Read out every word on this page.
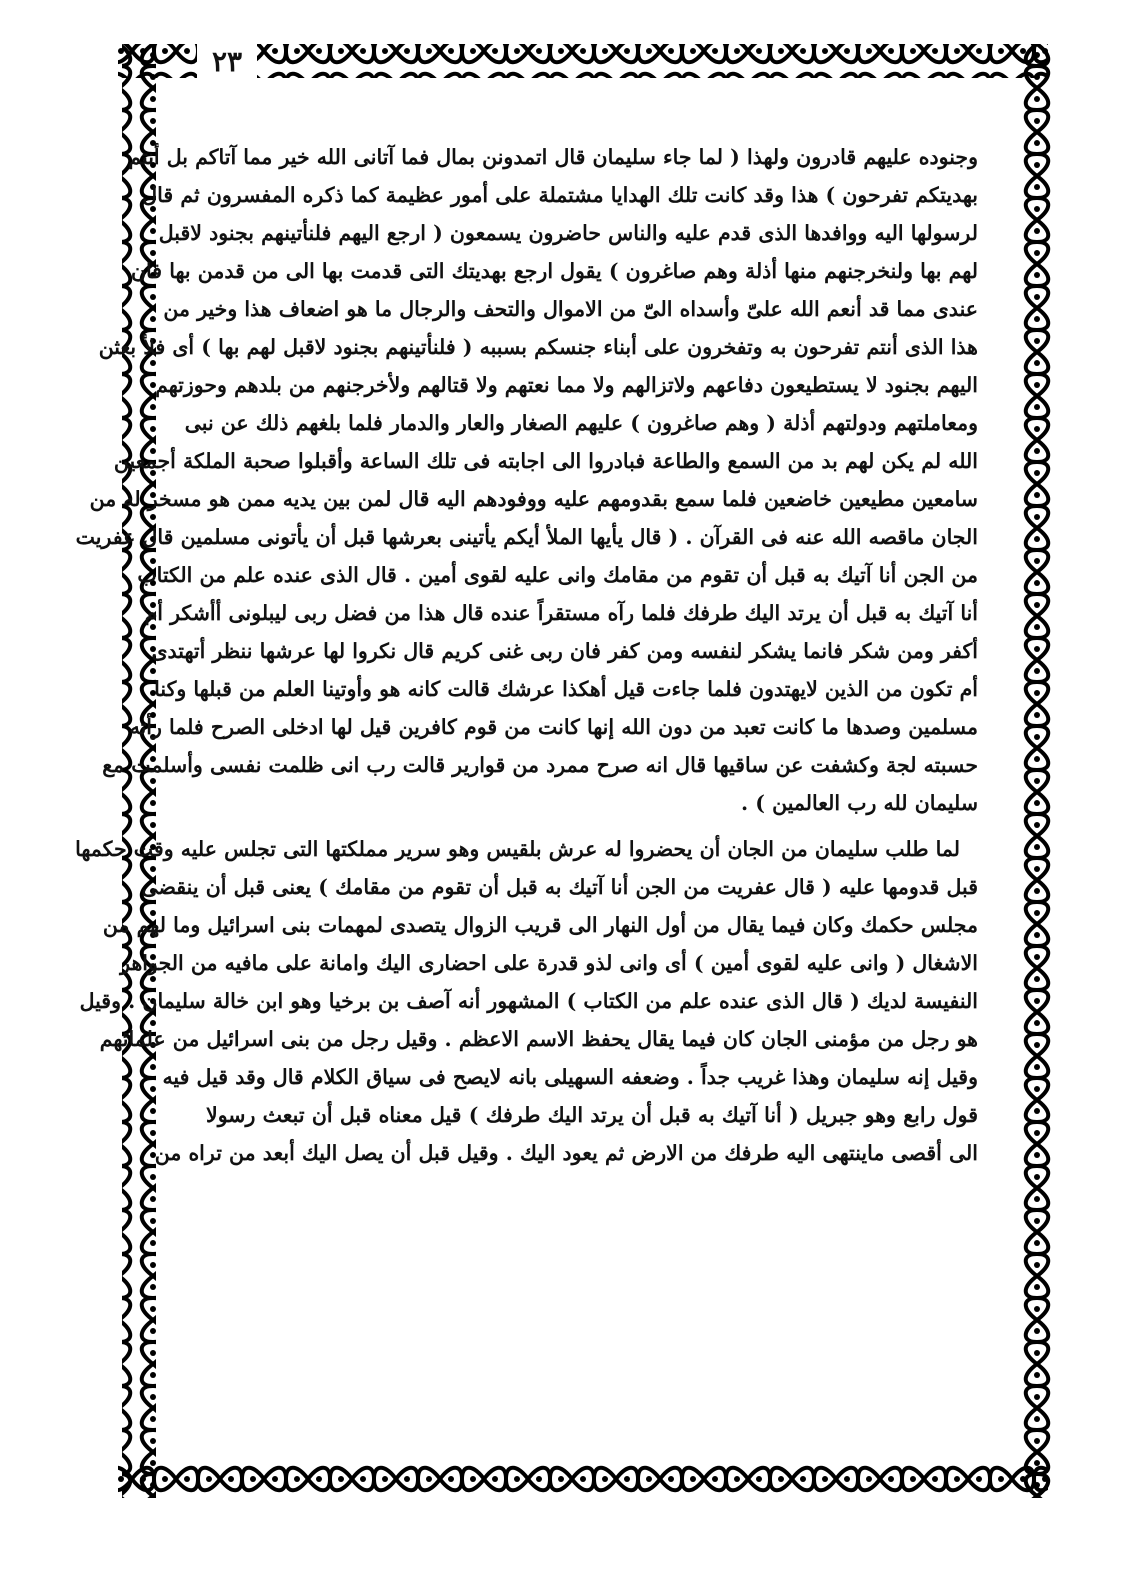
٢٣
وجنوده عليهم قادرون ولهذا ( لما جاء سليمان قال اتمدونن بمال فما آتانى الله خير مما آتاكم بل أنتم
بهديتكم تفرحون ) هذا وقد كانت تلك الهدايا مشتملة على أمور عظيمة كما ذكره المفسرون ثم قال
لرسولها اليه ووافدها الذى قدم عليه والناس حاضرون يسمعون ( ارجع اليهم فلنأتينهم بجنود لاقبل
لهم بها ولنخرجنهم منها أذلة وهم صاغرون ) يقول ارجع بهديتك التى قدمت بها الى من قدمن بها فان
عندى مما قد أنعم الله علىّ وأسداه الىّ من الاموال والتحف والرجال ما هو اضعاف هذا وخير من
هذا الذى أنتم تفرحون به وتفخرون على أبناء جنسكم بسببه ( فلنأتينهم بجنود لاقبل لهم بها ) أى فلأ بعثن
اليهم بجنود لا يستطيعون دفاعهم ولاتزالهم ولا مما نعتهم ولا قتالهم ولأخرجنهم من بلدهم وحوزتهم
ومعاملتهم ودولتهم أذلة ( وهم صاغرون ) عليهم الصغار والعار والدمار فلما بلغهم ذلك عن نبى
الله لم يكن لهم بد من السمع والطاعة فبادروا الى اجابته فى تلك الساعة وأقبلوا صحبة الملكة أجمعين
سامعين مطيعين خاضعين فلما سمع بقدومهم عليه ووفودهم اليه قال لمن بين يديه ممن هو مسخر له من
الجان ماقصه الله عنه فى القرآن . ( قال يأيها الملأ أيكم يأتينى بعرشها قبل أن يأتونى مسلمين قال عفريت
من الجن أنا آتيك به قبل أن تقوم من مقامك وانى عليه لقوى أمين . قال الذى عنده علم من الكتاب
أنا آتيك به قبل أن يرتد اليك طرفك فلما رآه مستقراً عنده قال هذا من فضل ربى ليبلونى أأشكر أم
أكفر ومن شكر فانما يشكر لنفسه ومن كفر فان ربى غنى كريم قال نكروا لها عرشها ننظر أتهتدى
أم تكون من الذين لايهتدون فلما جاءت قيل أهكذا عرشك قالت كانه هو وأوتينا العلم من قبلها وكنا
مسلمين وصدها ما كانت تعبد من دون الله إنها كانت من قوم كافرين قيل لها ادخلى الصرح فلما رأته
حسبته لجة وكشفت عن ساقيها قال انه صرح ممرد من قوارير قالت رب انى ظلمت نفسى وأسلمت مع
سليمان لله رب العالمين ) .
لما طلب سليمان من الجان أن يحضروا له عرش بلقيس وهو سرير مملكتها التى تجلس عليه وقت حكمها
قبل قدومها عليه ( قال عفريت من الجن أنا آتيك به قبل أن تقوم من مقامك ) يعنى قبل أن ينقضى
مجلس حكمك وكان فيما يقال من أول النهار الى قريب الزوال يتصدى لمهمات بنى اسرائيل وما لهم من
الاشغال ( وانى عليه لقوى أمين ) أى وانى لذو قدرة على احضارى اليك وامانة على مافيه من الجواهر
النفيسة لديك ( قال الذى عنده علم من الكتاب ) المشهور أنه آصف بن برخيا وهو ابن خالة سليمان . وقيل
هو رجل من مؤمنى الجان كان فيما يقال يحفظ الاسم الاعظم . وقيل رجل من بنى اسرائيل من علمائهم
وقيل إنه سليمان وهذا غريب جداً . وضعفه السهيلى بانه لايصح فى سياق الكلام قال وقد قيل فيه
قول رابع وهو جبريل ( أنا آتيك به قبل أن يرتد اليك طرفك ) قيل معناه قبل أن تبعث رسولا
الى أقصى ماينتهى اليه طرفك من الارض ثم يعود اليك . وقيل قبل أن يصل اليك أبعد من تراه من
